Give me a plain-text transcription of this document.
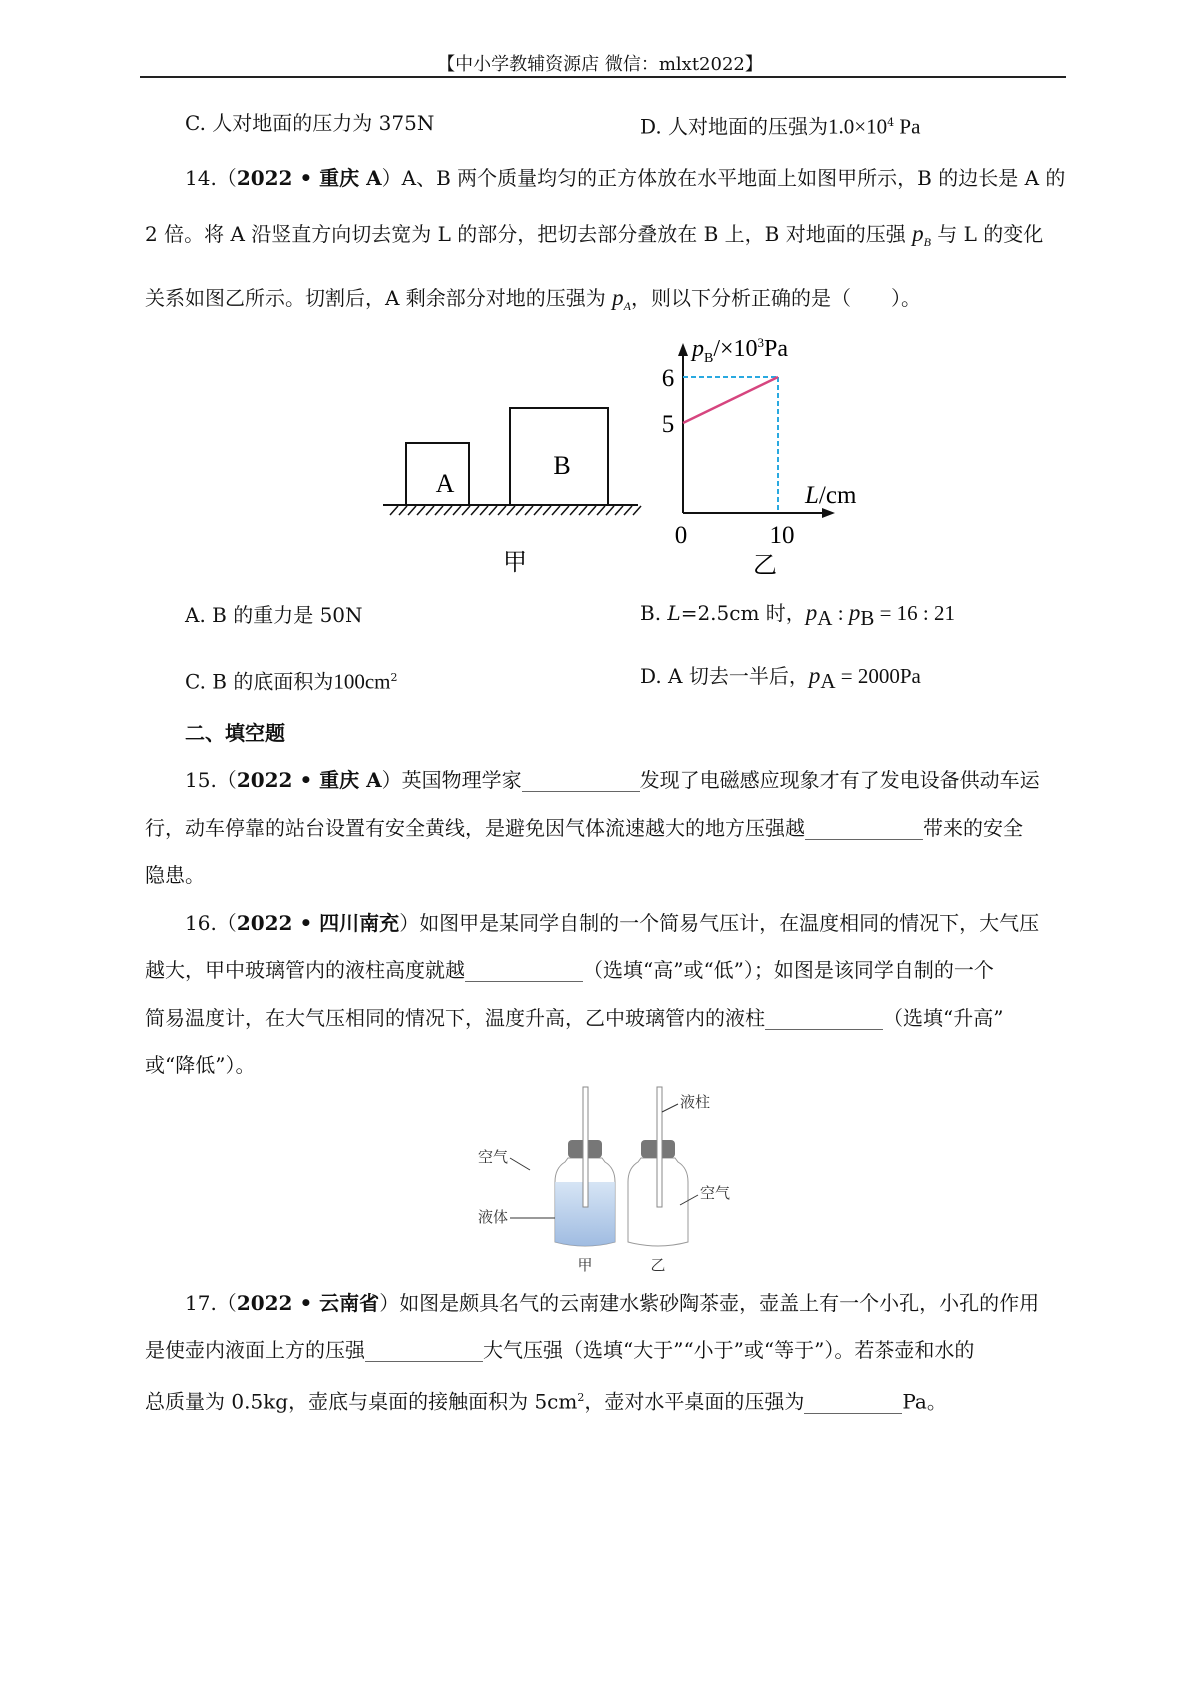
【中小学教辅资源店 微信：mlxt2022】
C. 人对地面的压力为 375N	D. 人对地面的压强为$1.0\times 10^4$ Pa
14.（2022 • 重庆 A）A、B 两个质量均匀的正方体放在水平地面上如图甲所示，B 的边长是 A 的
2 倍。将 A 沿竖直方向切去宽为 L 的部分，把切去部分叠放在 B 上，B 对地面的压强 $p_B$ 与 L 的变化
关系如图乙所示。切割后，A 剩余部分对地的压强为 $p_A$，则以下分析正确的是（　　）。
A
B
甲
$p_B/\times 10^3Pa$
L/cm
乙
5
6
0	10
A. B 的重力是 50N	B. L=2.5cm 时，$p_A$ : $p_B = 16$ : 21
C. B 的底面积为$100cm^2$	D. A 切去一半后，$p_A = 2000Pa$
二、填空题
15.（2022 • 重庆 A）英国物理学家	发现了电磁感应现象才有了发电设备供动车运
行，动车停靠的站台设置有安全黄线，是避免因气体流速越大的地方压强越	带来的安全
隐患。
16.（2022 • 四川南充）如图甲是某同学自制的一个简易气压计，在温度相同的情况下，大气压
越大，甲中玻璃管内的液柱高度就越	（选填“高”或“低”）；如图是该同学自制的一个
简易温度计，在大气压相同的情况下，温度升高，乙中玻璃管内的液柱	（选填“升高”
或“降低”）。
空气
液体
液柱
空气
甲	乙
17.（2022 • 云南省）如图是颇具名气的云南建水紫砂陶茶壶，壶盖上有一个小孔，小孔的作用
是使壶内液面上方的压强	大气压强（选填“大于”“小于”或“等于”）。若茶壶和水的
总质量为 0.5kg，壶底与桌面的接触面积为 $5cm^2$，壶对水平桌面的压强为	Pa。
